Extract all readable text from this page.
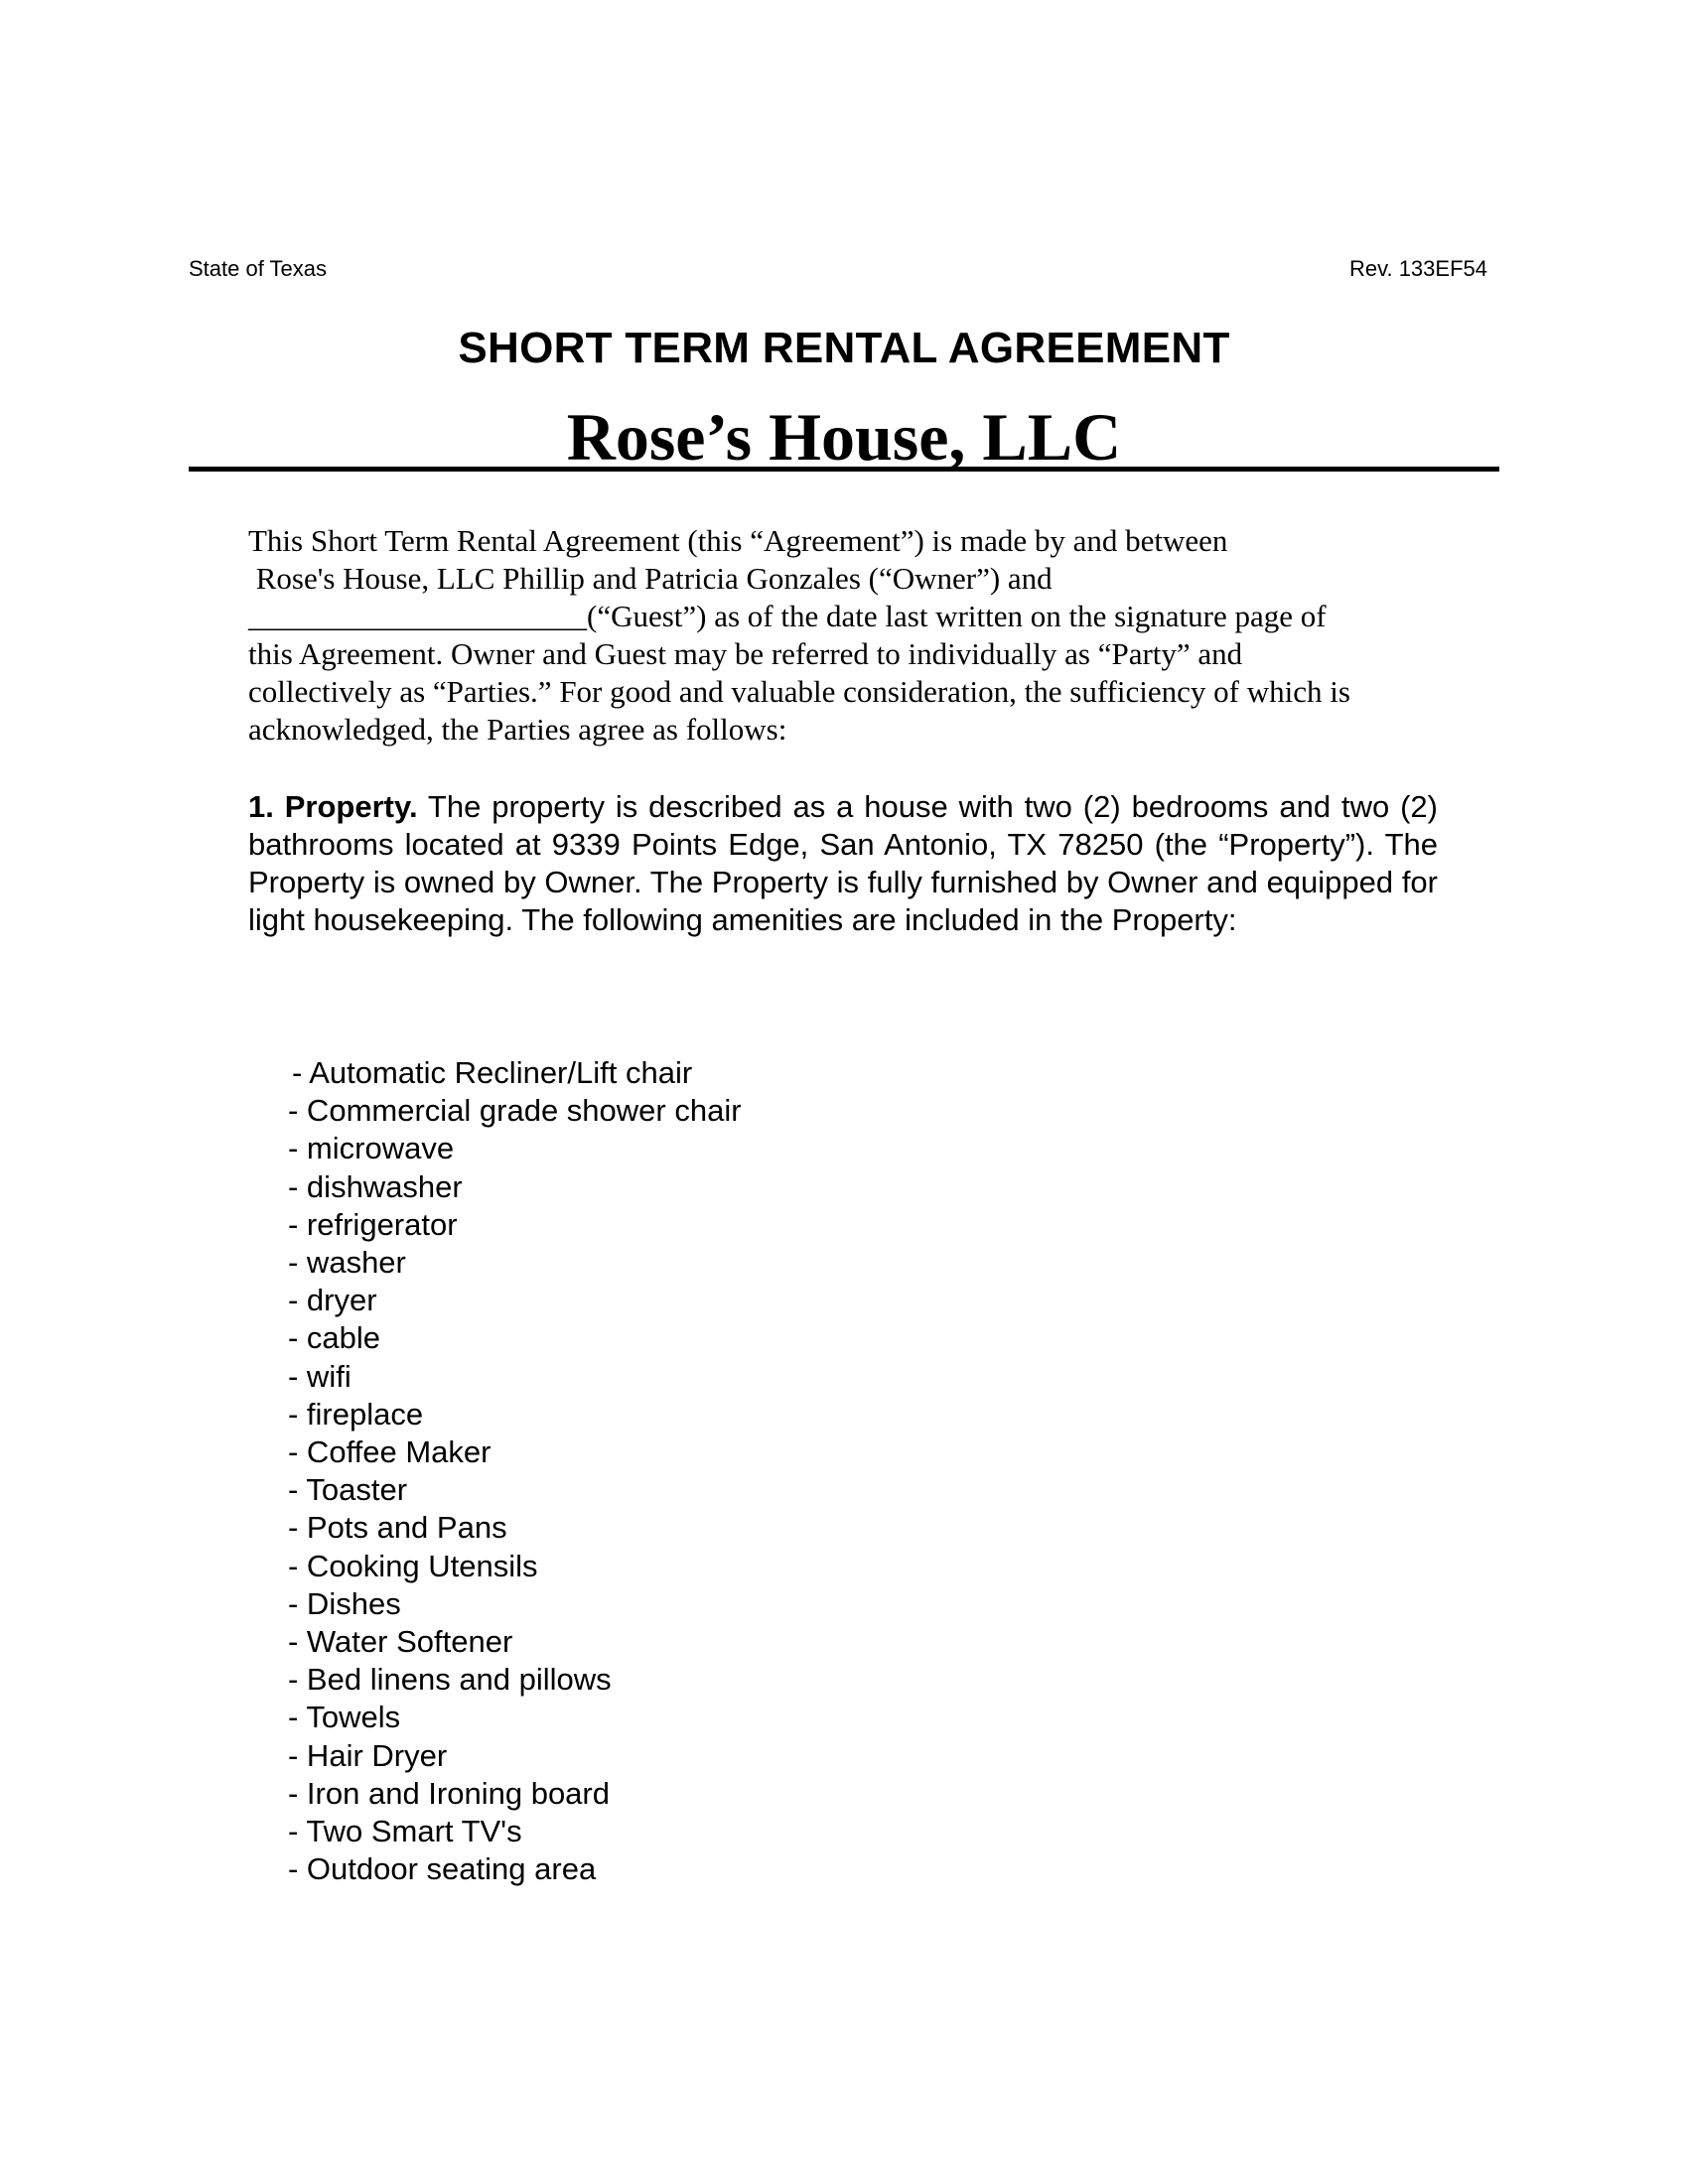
State of Texas	Rev. 133EF54
SHORT TERM RENTAL AGREEMENT
Rose’s House, LLC
This Short Term Rental Agreement (this “Agreement”) is made by and between
Rose's House, LLC Phillip and Patricia Gonzales (“Owner”) and
______________________(“Guest”) as of the date last written on the signature page of
this Agreement. Owner and Guest may be referred to individually as “Party” and
collectively as “Parties.” For good and valuable consideration, the sufficiency of which is
acknowledged, the Parties agree as follows:
1. Property. The property is described as a house with two (2) bedrooms and two (2) bathrooms located at 9339 Points Edge, San Antonio, TX 78250 (the “Property”). The Property is owned by Owner. The Property is fully furnished by Owner and equipped for light housekeeping. The following amenities are included in the Property:
- Automatic Recliner/Lift chair
- Commercial grade shower chair
- microwave
- dishwasher
- refrigerator
- washer
- dryer
- cable
- wifi
- fireplace
- Coffee Maker
- Toaster
- Pots and Pans
- Cooking Utensils
- Dishes
- Water Softener
- Bed linens and pillows
- Towels
- Hair Dryer
- Iron and Ironing board
- Two Smart TV's
- Outdoor seating area
